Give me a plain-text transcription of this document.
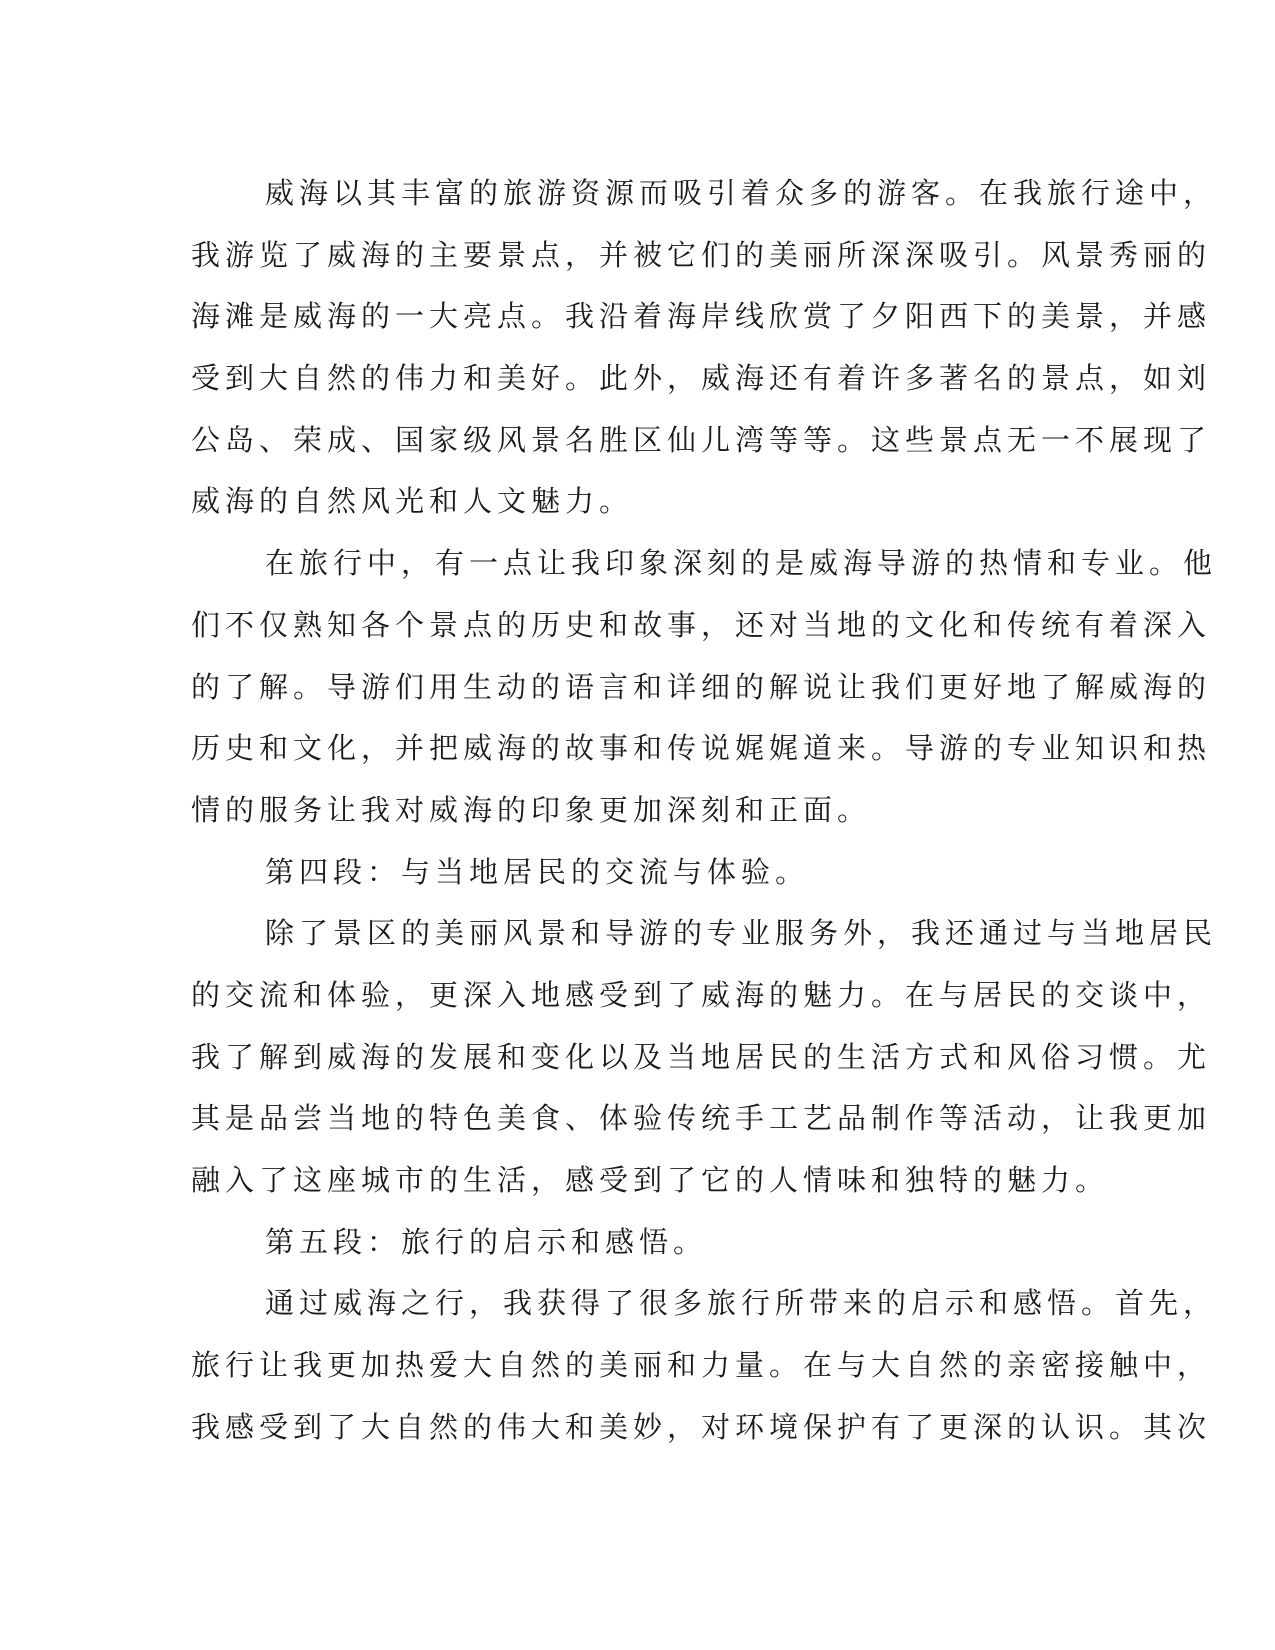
威海以其丰富的旅游资源而吸引着众多的游客。在我旅行途中，
我游览了威海的主要景点，并被它们的美丽所深深吸引。风景秀丽的
海滩是威海的一大亮点。我沿着海岸线欣赏了夕阳西下的美景，并感
受到大自然的伟力和美好。此外，威海还有着许多著名的景点，如刘
公岛、荣成、国家级风景名胜区仙儿湾等等。这些景点无一不展现了
威海的自然风光和人文魅力。
在旅行中，有一点让我印象深刻的是威海导游的热情和专业。他
们不仅熟知各个景点的历史和故事，还对当地的文化和传统有着深入
的了解。导游们用生动的语言和详细的解说让我们更好地了解威海的
历史和文化，并把威海的故事和传说娓娓道来。导游的专业知识和热
情的服务让我对威海的印象更加深刻和正面。
第四段：与当地居民的交流与体验。
除了景区的美丽风景和导游的专业服务外，我还通过与当地居民
的交流和体验，更深入地感受到了威海的魅力。在与居民的交谈中，
我了解到威海的发展和变化以及当地居民的生活方式和风俗习惯。尤
其是品尝当地的特色美食、体验传统手工艺品制作等活动，让我更加
融入了这座城市的生活，感受到了它的人情味和独特的魅力。
第五段：旅行的启示和感悟。
通过威海之行，我获得了很多旅行所带来的启示和感悟。首先，
旅行让我更加热爱大自然的美丽和力量。在与大自然的亲密接触中，
我感受到了大自然的伟大和美妙，对环境保护有了更深的认识。其次
